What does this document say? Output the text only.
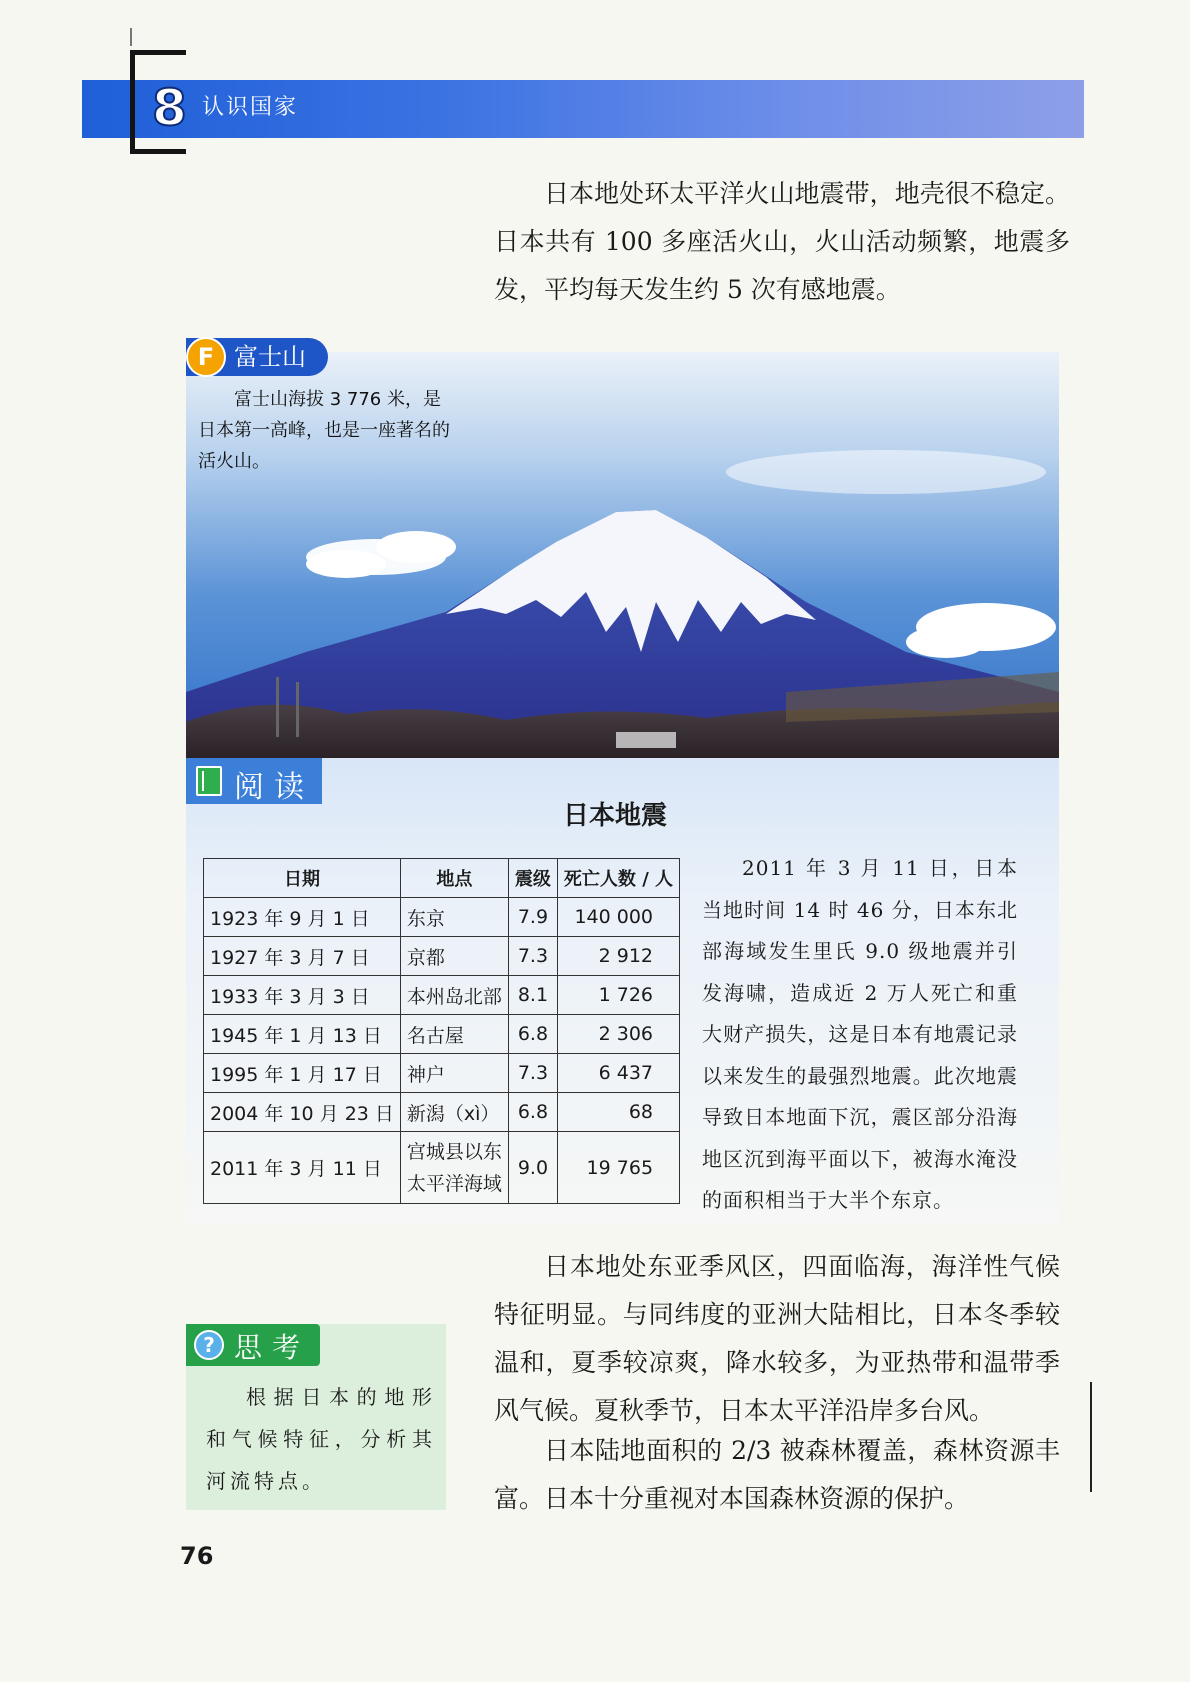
8 认识国家

日本地处环太平洋火山地震带，地壳很不稳定。日本共有 100 多座活火山，火山活动频繁，地震多发，平均每天发生约 5 次有感地震。

F 富士山

富士山海拔 3 776 米，是日本第一高峰，也是一座著名的活火山。

阅读
日本地震
日期	地点	震级	死亡人数 / 人
1923 年 9 月 1 日	东京	7.9	140 000
1927 年 3 月 7 日	京都	7.3	2 912
1933 年 3 月 3 日	本州岛北部	8.1	1 726
1945 年 1 月 13 日	名古屋	6.8	2 306
1995 年 1 月 17 日	神户	7.3	6 437
2004 年 10 月 23 日	新潟（xì）	6.8	68
2011 年 3 月 11 日	宫城县以东太平洋海域	9.0	19 765

2011 年 3 月 11 日，日本当地时间 14 时 46 分，日本东北部海域发生里氏 9.0 级地震并引发海啸，造成近 2 万人死亡和重大财产损失，这是日本有地震记录以来发生的最强烈地震。此次地震导致日本地面下沉，震区部分沿海地区沉到海平面以下，被海水淹没的面积相当于大半个东京。

日本地处东亚季风区，四面临海，海洋性气候特征明显。与同纬度的亚洲大陆相比，日本冬季较温和，夏季较凉爽，降水较多，为亚热带和温带季风气候。夏秋季节，日本太平洋沿岸多台风。

日本陆地面积的 2/3 被森林覆盖，森林资源丰富。日本十分重视对本国森林资源的保护。

? 思考

根据日本的地形和气候特征，分析其河流特点。

76
